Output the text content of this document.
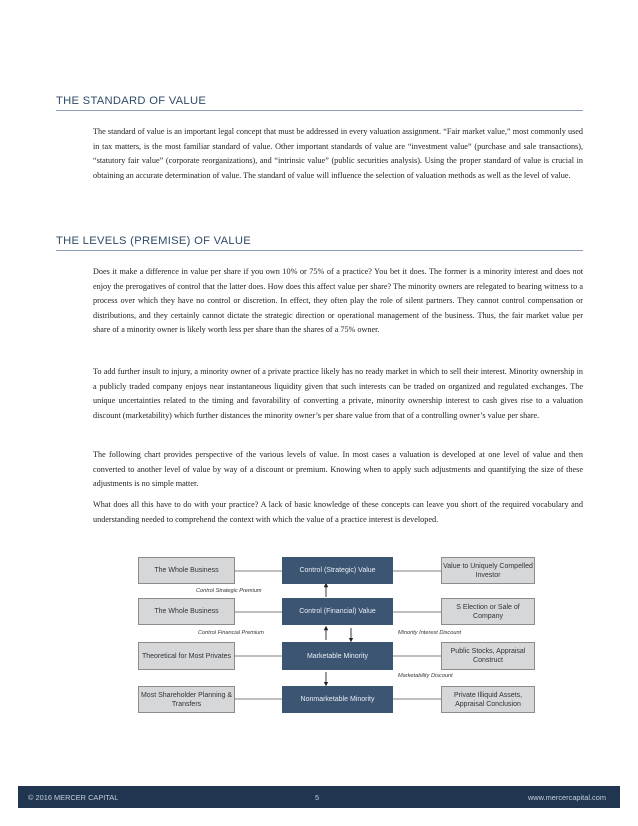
THE STANDARD OF VALUE

The standard of value is an important legal concept that must be addressed in every valuation assignment. “Fair market value,” most commonly used in tax matters, is the most familiar standard of value. Other important standards of value are “investment value” (purchase and sale transactions), “statutory fair value” (corporate reorganizations), and “intrinsic value” (public securities analysis). Using the proper standard of value is crucial in obtaining an accurate determination of value. The standard of value will influence the selection of valuation methods as well as the level of value.

THE LEVELS (PREMISE) OF VALUE

Does it make a difference in value per share if you own 10% or 75% of a practice? You bet it does. The former is a minority interest and does not enjoy the prerogatives of control that the latter does. How does this affect value per share? The minority owners are relegated to bearing witness to a process over which they have no control or discretion. In effect, they often play the role of silent partners. They cannot control compensation or distributions, and they certainly cannot dictate the strategic direction or operational management of the business. Thus, the fair market value per share of a minority owner is likely worth less per share than the shares of a 75% owner.

To add further insult to injury, a minority owner of a private practice likely has no ready market in which to sell their interest. Minority ownership in a publicly traded company enjoys near instantaneous liquidity given that such interests can be traded on organized and regulated exchanges. The unique uncertainties related to the timing and favorability of converting a private, minority ownership interest to cash gives rise to a valuation discount (marketability) which further distances the minority owner’s per share value from that of a controlling owner’s value per share.

The following chart provides perspective of the various levels of value. In most cases a valuation is developed at one level of value and then converted to another level of value by way of a discount or premium. Knowing when to apply such adjustments and quantifying the size of these adjustments is no simple matter.

What does all this have to do with your practice? A lack of basic knowledge of these concepts can leave you short of the required vocabulary and understanding needed to comprehend the context with which the value of a practice interest is developed.

The Whole Business
The Whole Business
Theoretical for Most Privates
Most Shareholder Planning & Transfers
Control (Strategic) Value
Control (Financial) Value
Marketable Minority
Nonmarketable Minority
Value to Uniquely Compelled Investor
S Election or Sale of Company
Public Stocks, Appraisal Construct
Private Illiquid Assets, Appraisal Conclusion
Control Strategic Premium
Control Financial Premium	Minority Interest Discount
Marketability Discount
© 2016 MERCER CAPITAL	5	www.mercercapital.com
